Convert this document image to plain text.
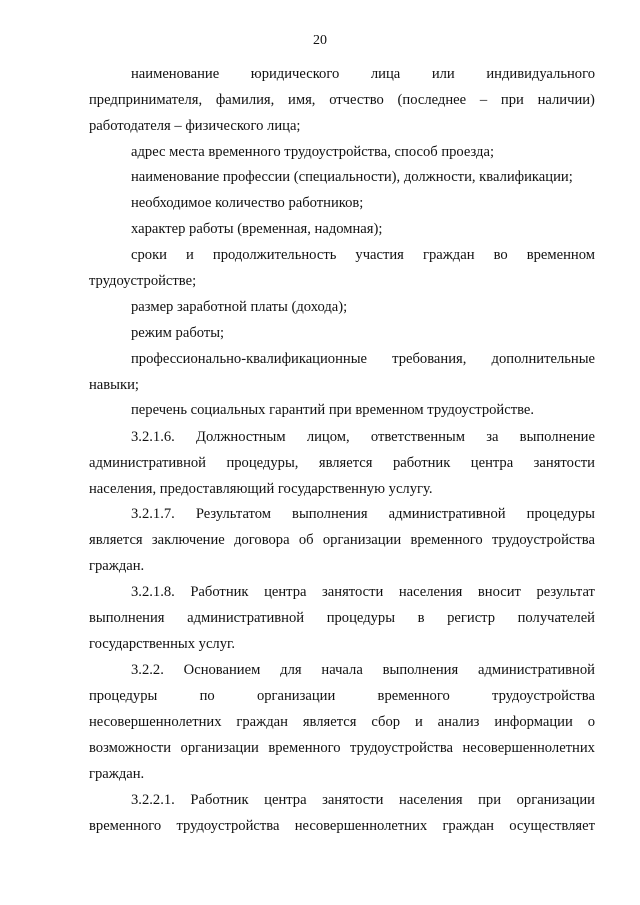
20
наименование юридического лица или индивидуального
предпринимателя, фамилия, имя, отчество (последнее – при наличии)
работодателя – физического лица;
адрес места временного трудоустройства, способ проезда;
наименование профессии (специальности), должности, квалификации;
необходимое количество работников;
характер работы (временная, надомная);
сроки и продолжительность участия граждан во временном
трудоустройстве;
размер заработной платы (дохода);
режим работы;
профессионально-квалификационные требования, дополнительные
навыки;
перечень социальных гарантий при временном трудоустройстве.
3.2.1.6. Должностным лицом, ответственным за выполнение
административной процедуры, является работник центра занятости
населения, предоставляющий государственную услугу.
3.2.1.7. Результатом выполнения административной процедуры
является заключение договора об организации временного трудоустройства
граждан.
3.2.1.8. Работник центра занятости населения вносит результат
выполнения административной процедуры в регистр получателей
государственных услуг.
3.2.2. Основанием для начала выполнения административной
процедуры	по	организации	временного	трудоустройства
несовершеннолетних граждан является сбор и анализ информации о
возможности организации временного трудоустройства несовершеннолетних
граждан.
3.2.2.1. Работник центра занятости населения при организации
временного трудоустройства несовершеннолетних граждан осуществляет
